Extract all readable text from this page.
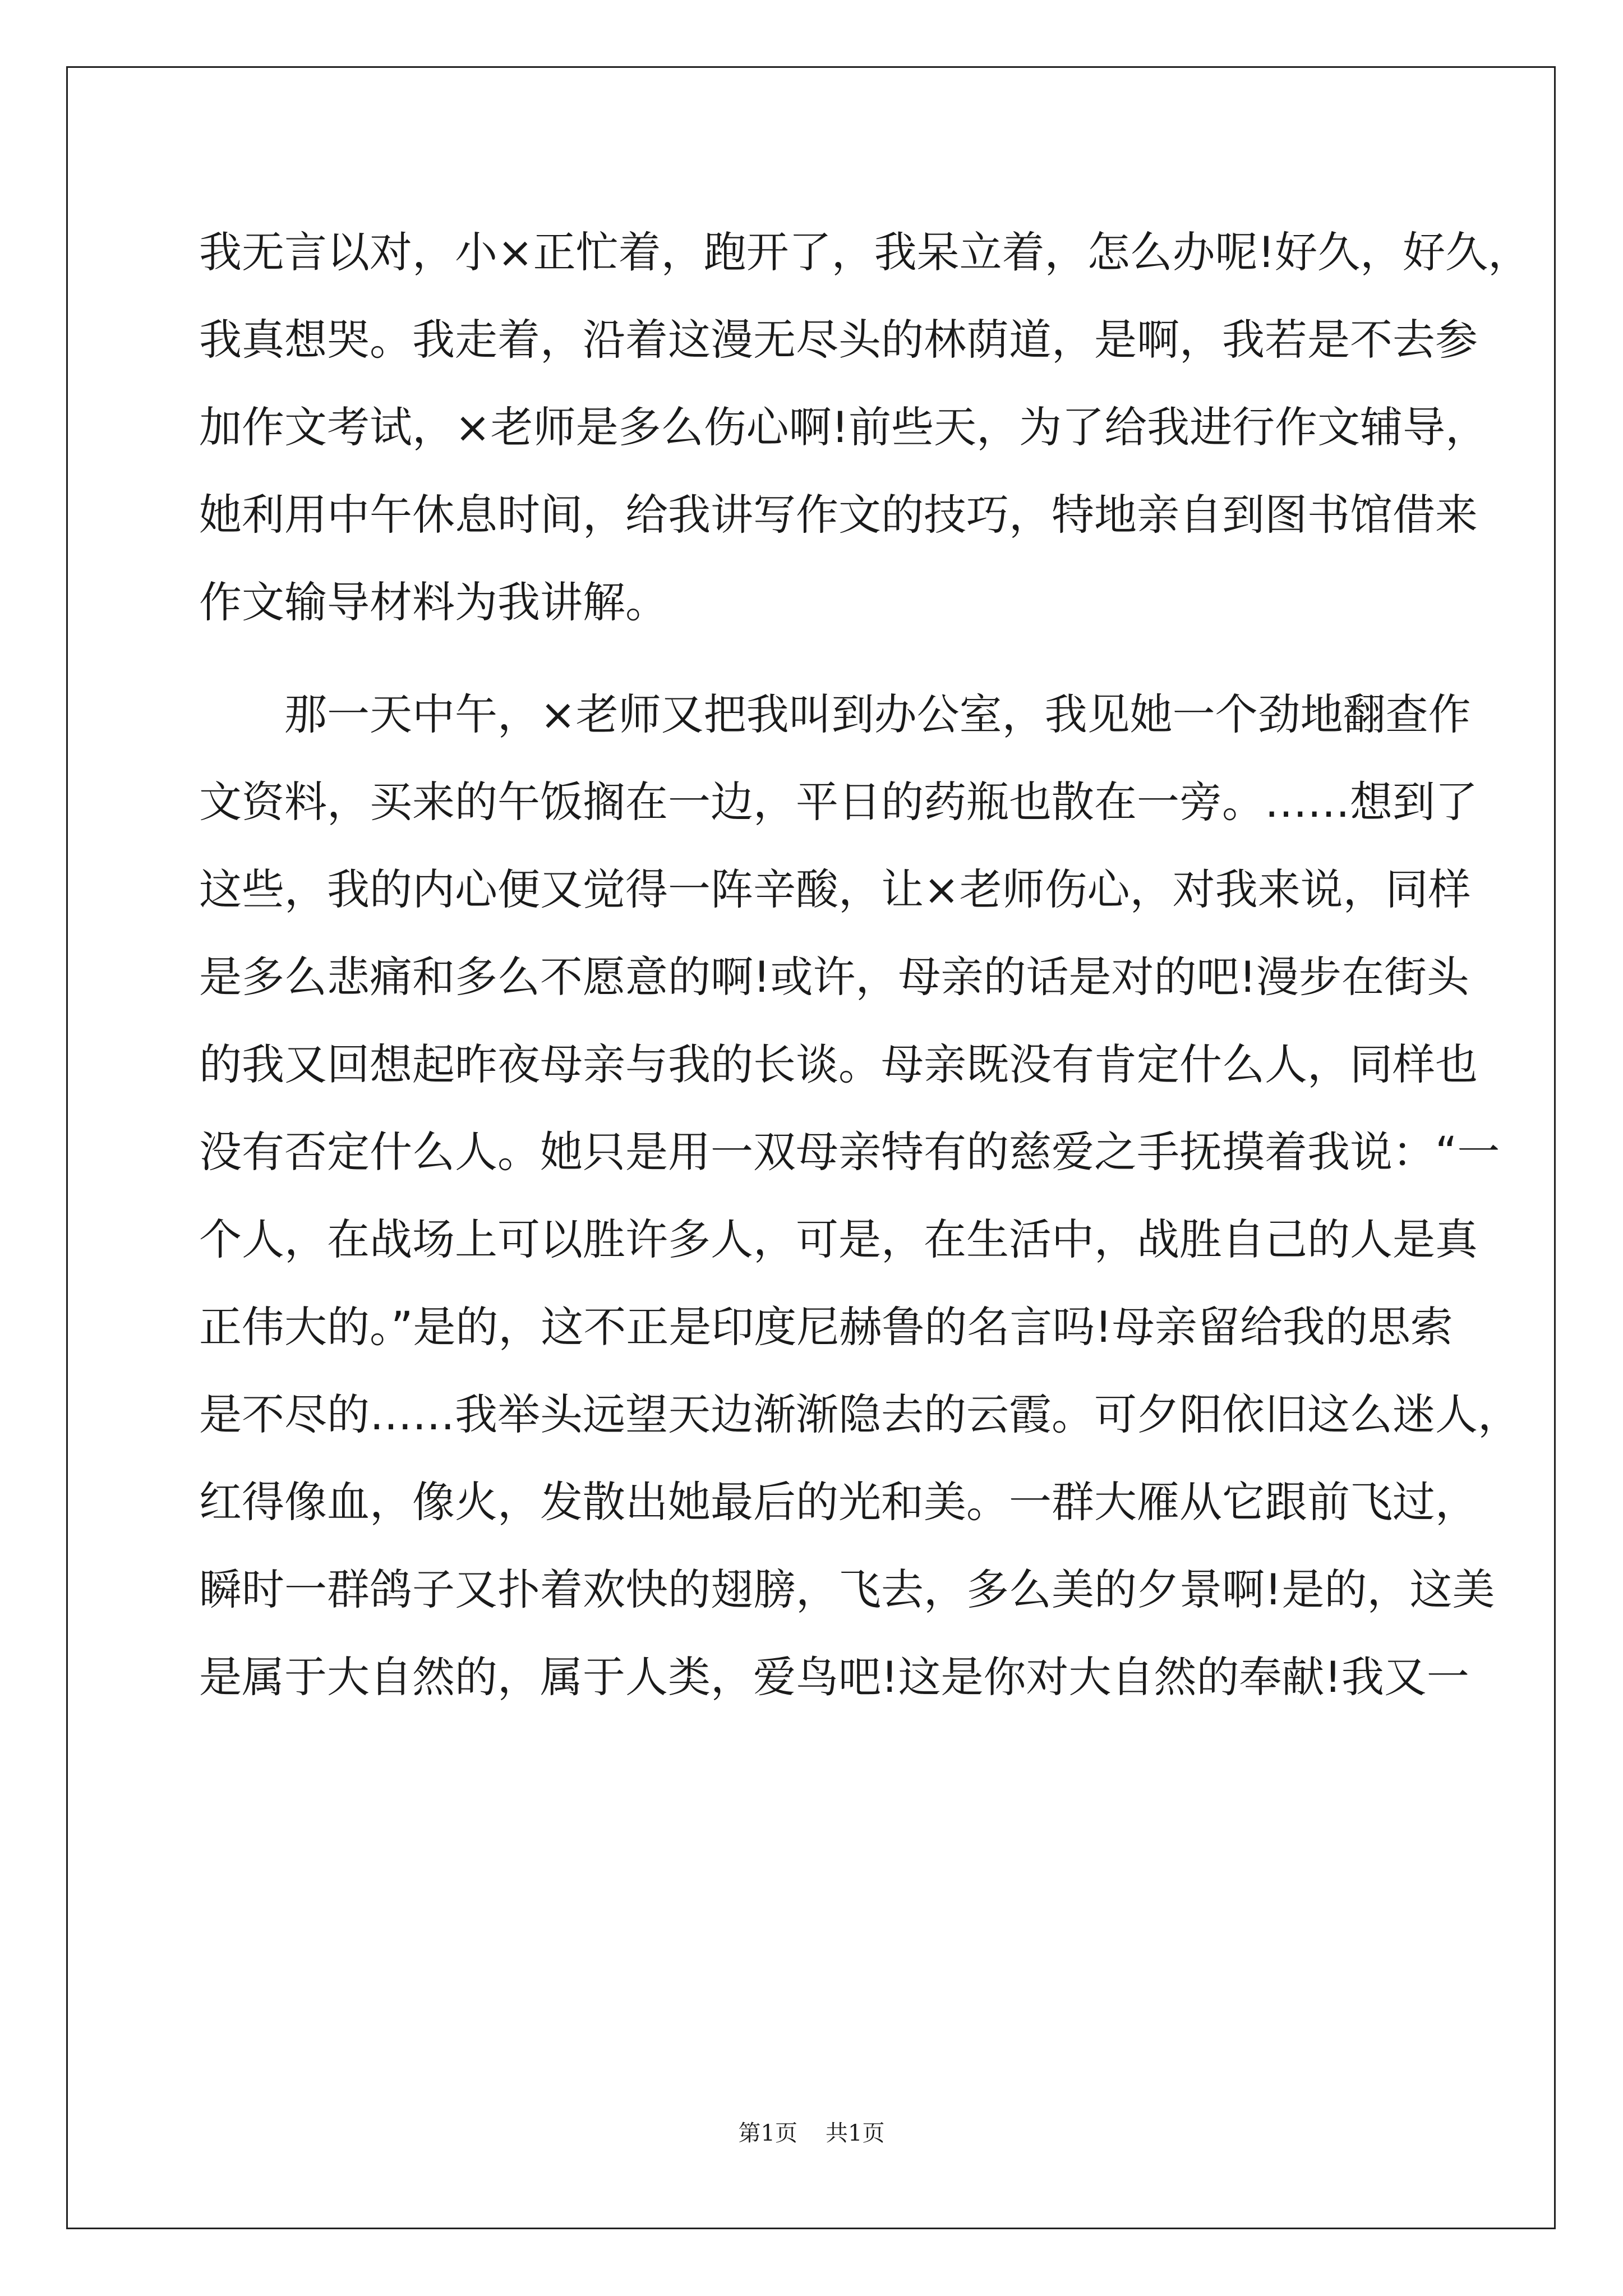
我无言以对，小×正忙着，跑开了，我呆立着，怎么办呢!好久，好久，
我真想哭。我走着，沿着这漫无尽头的林荫道，是啊，我若是不去参
加作文考试，×老师是多么伤心啊!前些天，为了给我进行作文辅导，
她利用中午休息时间，给我讲写作文的技巧，特地亲自到图书馆借来
作文输导材料为我讲解。
那一天中午，×老师又把我叫到办公室，我见她一个劲地翻查作
文资料，买来的午饭搁在一边，平日的药瓶也散在一旁。……想到了
这些，我的内心便又觉得一阵辛酸，让×老师伤心，对我来说，同样
是多么悲痛和多么不愿意的啊!或许，母亲的话是对的吧!漫步在街头
的我又回想起昨夜母亲与我的长谈。母亲既没有肯定什么人，同样也
没有否定什么人。她只是用一双母亲特有的慈爱之手抚摸着我说：“一
个人，在战场上可以胜许多人，可是，在生活中，战胜自己的人是真
正伟大的。”是的，这不正是印度尼赫鲁的名言吗!母亲留给我的思索
是不尽的……我举头远望天边渐渐隐去的云霞。可夕阳依旧这么迷人，
红得像血，像火，发散出她最后的光和美。一群大雁从它跟前飞过，
瞬时一群鸽子又扑着欢快的翅膀，飞去，多么美的夕景啊!是的，这美
是属于大自然的，属于人类，爱鸟吧!这是你对大自然的奉献!我又一
第1页 共1页
